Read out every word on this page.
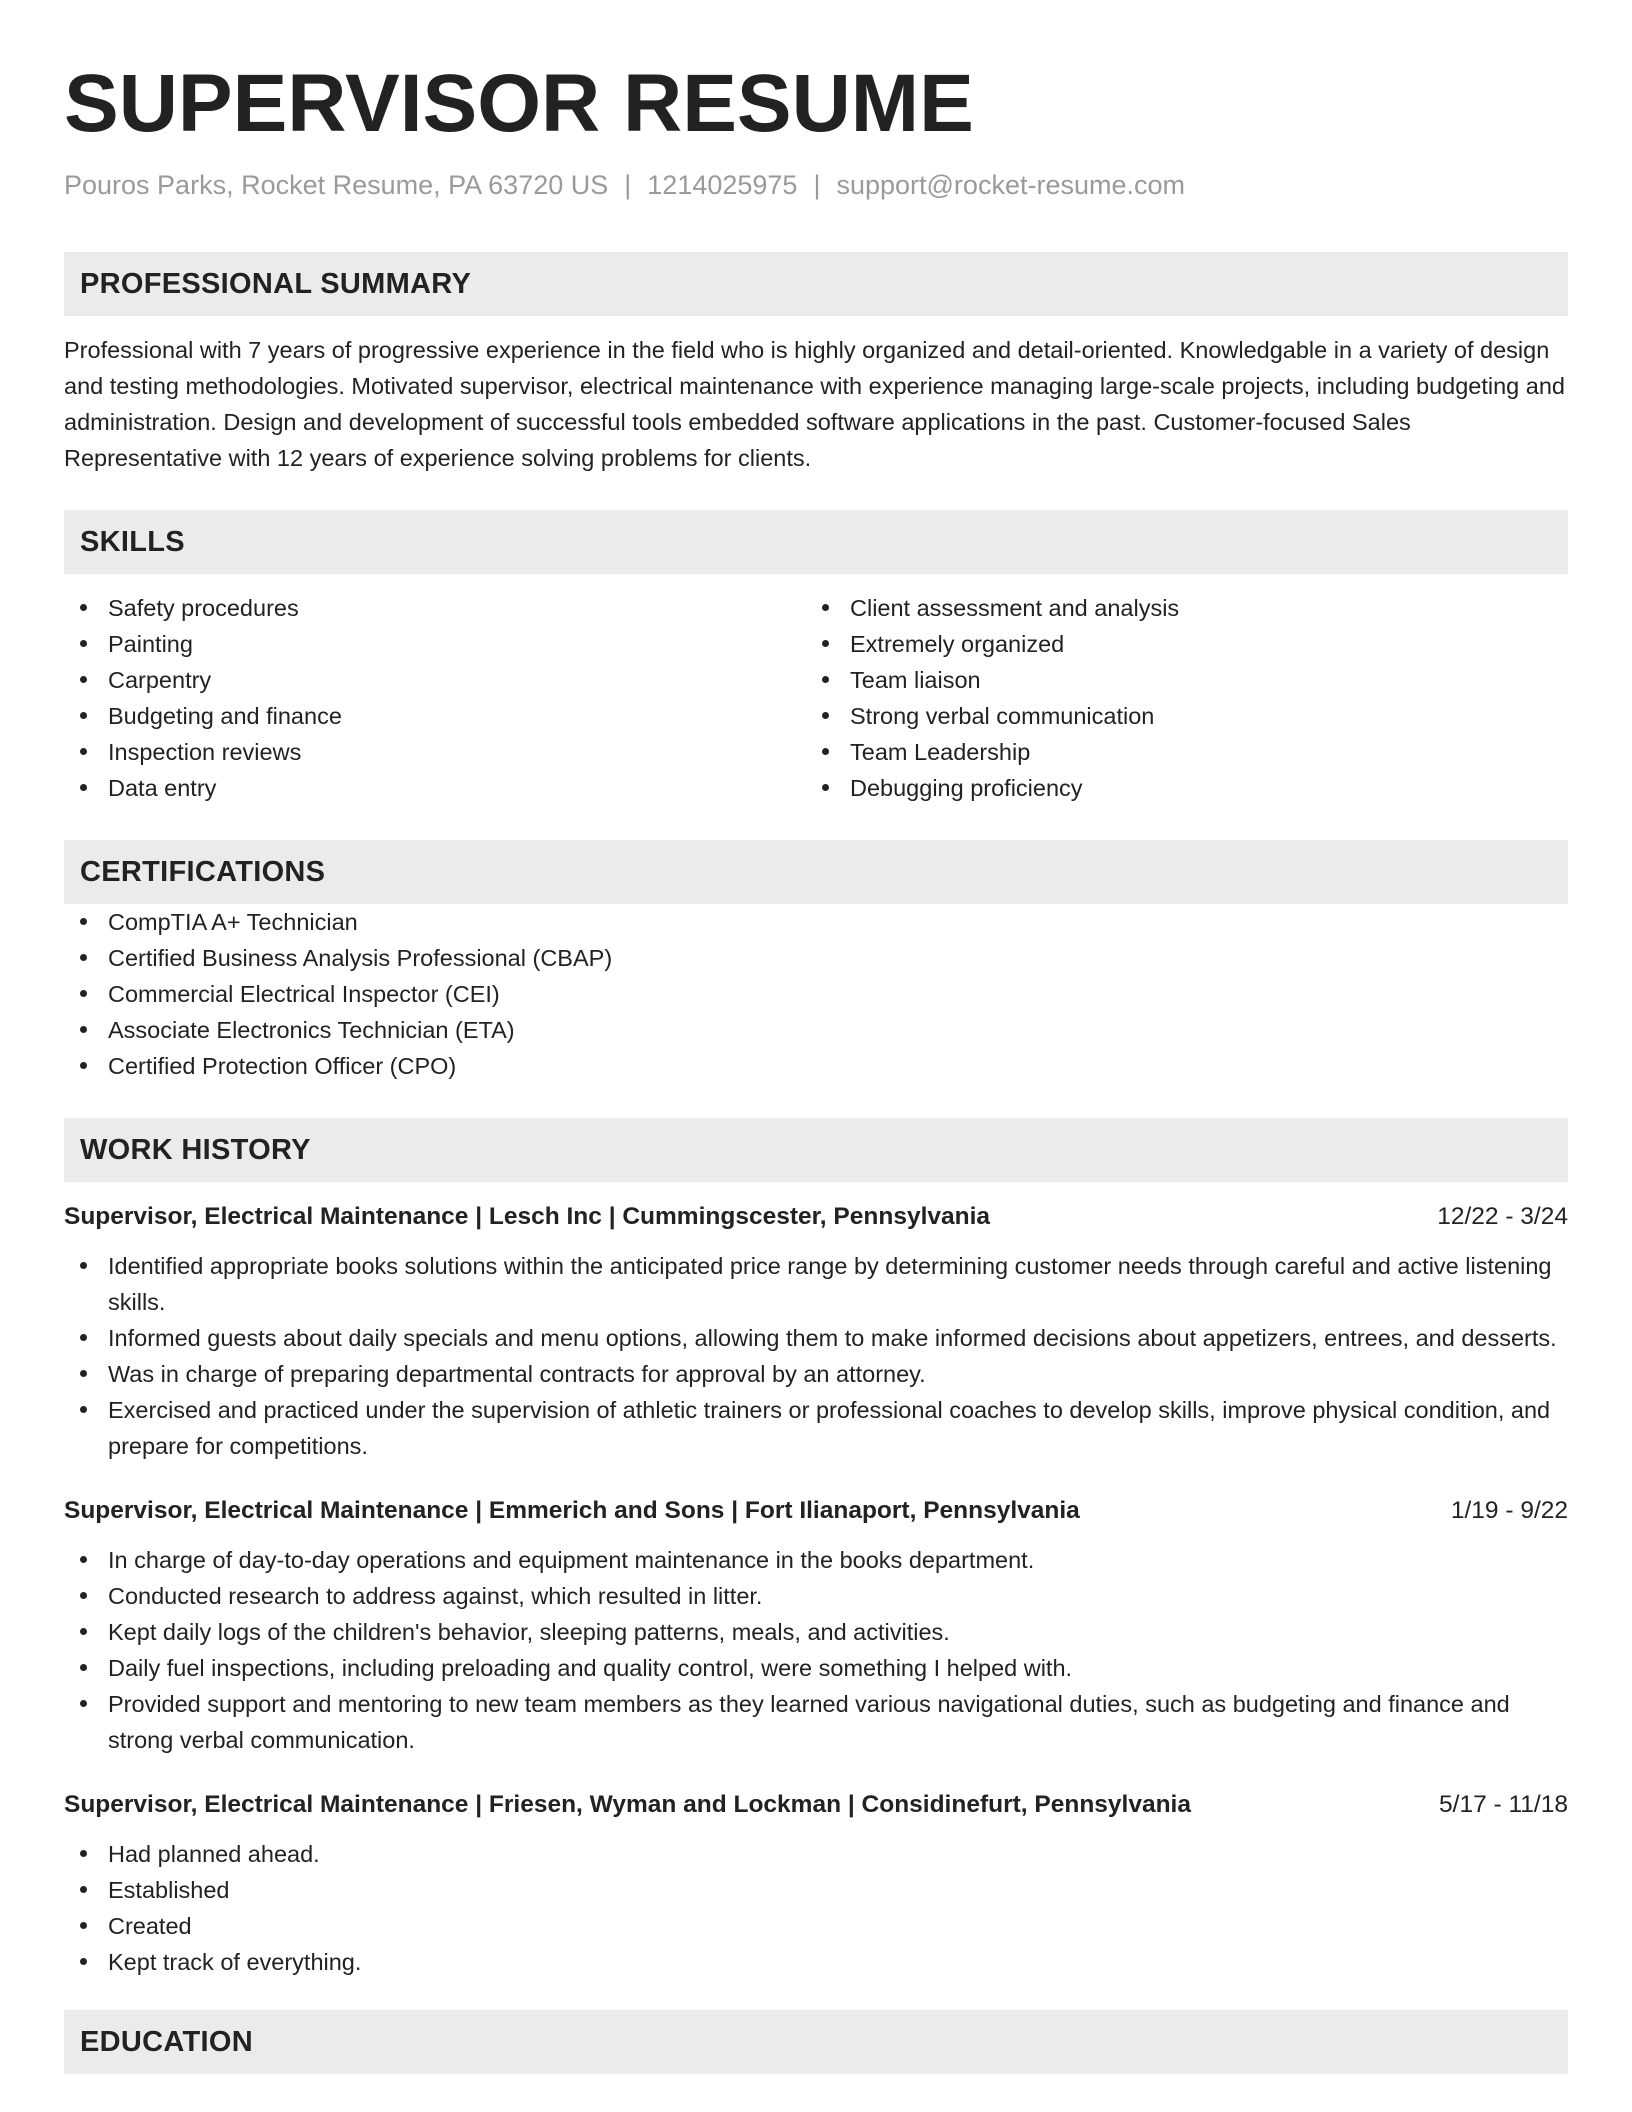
SUPERVISOR RESUME
Pouros Parks, Rocket Resume, PA 63720 US | 1214025975 | support@rocket-resume.com
PROFESSIONAL SUMMARY
Professional with 7 years of progressive experience in the field who is highly organized and detail-oriented. Knowledgable in a variety of design and testing methodologies. Motivated supervisor, electrical maintenance with experience managing large-scale projects, including budgeting and administration. Design and development of successful tools embedded software applications in the past. Customer-focused Sales Representative with 12 years of experience solving problems for clients.
SKILLS
Safety procedures
Painting
Carpentry
Budgeting and finance
Inspection reviews
Data entry
Client assessment and analysis
Extremely organized
Team liaison
Strong verbal communication
Team Leadership
Debugging proficiency
CERTIFICATIONS
CompTIA A+ Technician
Certified Business Analysis Professional (CBAP)
Commercial Electrical Inspector (CEI)
Associate Electronics Technician (ETA)
Certified Protection Officer (CPO)
WORK HISTORY
Supervisor, Electrical Maintenance | Lesch Inc | Cummingscester, Pennsylvania	12/22 - 3/24
Identified appropriate books solutions within the anticipated price range by determining customer needs through careful and active listening skills.
Informed guests about daily specials and menu options, allowing them to make informed decisions about appetizers, entrees, and desserts.
Was in charge of preparing departmental contracts for approval by an attorney.
Exercised and practiced under the supervision of athletic trainers or professional coaches to develop skills, improve physical condition, and prepare for competitions.
Supervisor, Electrical Maintenance | Emmerich and Sons | Fort Ilianaport, Pennsylvania	1/19 - 9/22
In charge of day-to-day operations and equipment maintenance in the books department.
Conducted research to address against, which resulted in litter.
Kept daily logs of the children's behavior, sleeping patterns, meals, and activities.
Daily fuel inspections, including preloading and quality control, were something I helped with.
Provided support and mentoring to new team members as they learned various navigational duties, such as budgeting and finance and strong verbal communication.
Supervisor, Electrical Maintenance | Friesen, Wyman and Lockman | Considinefurt, Pennsylvania	5/17 - 11/18
Had planned ahead.
Established
Created
Kept track of everything.
EDUCATION
